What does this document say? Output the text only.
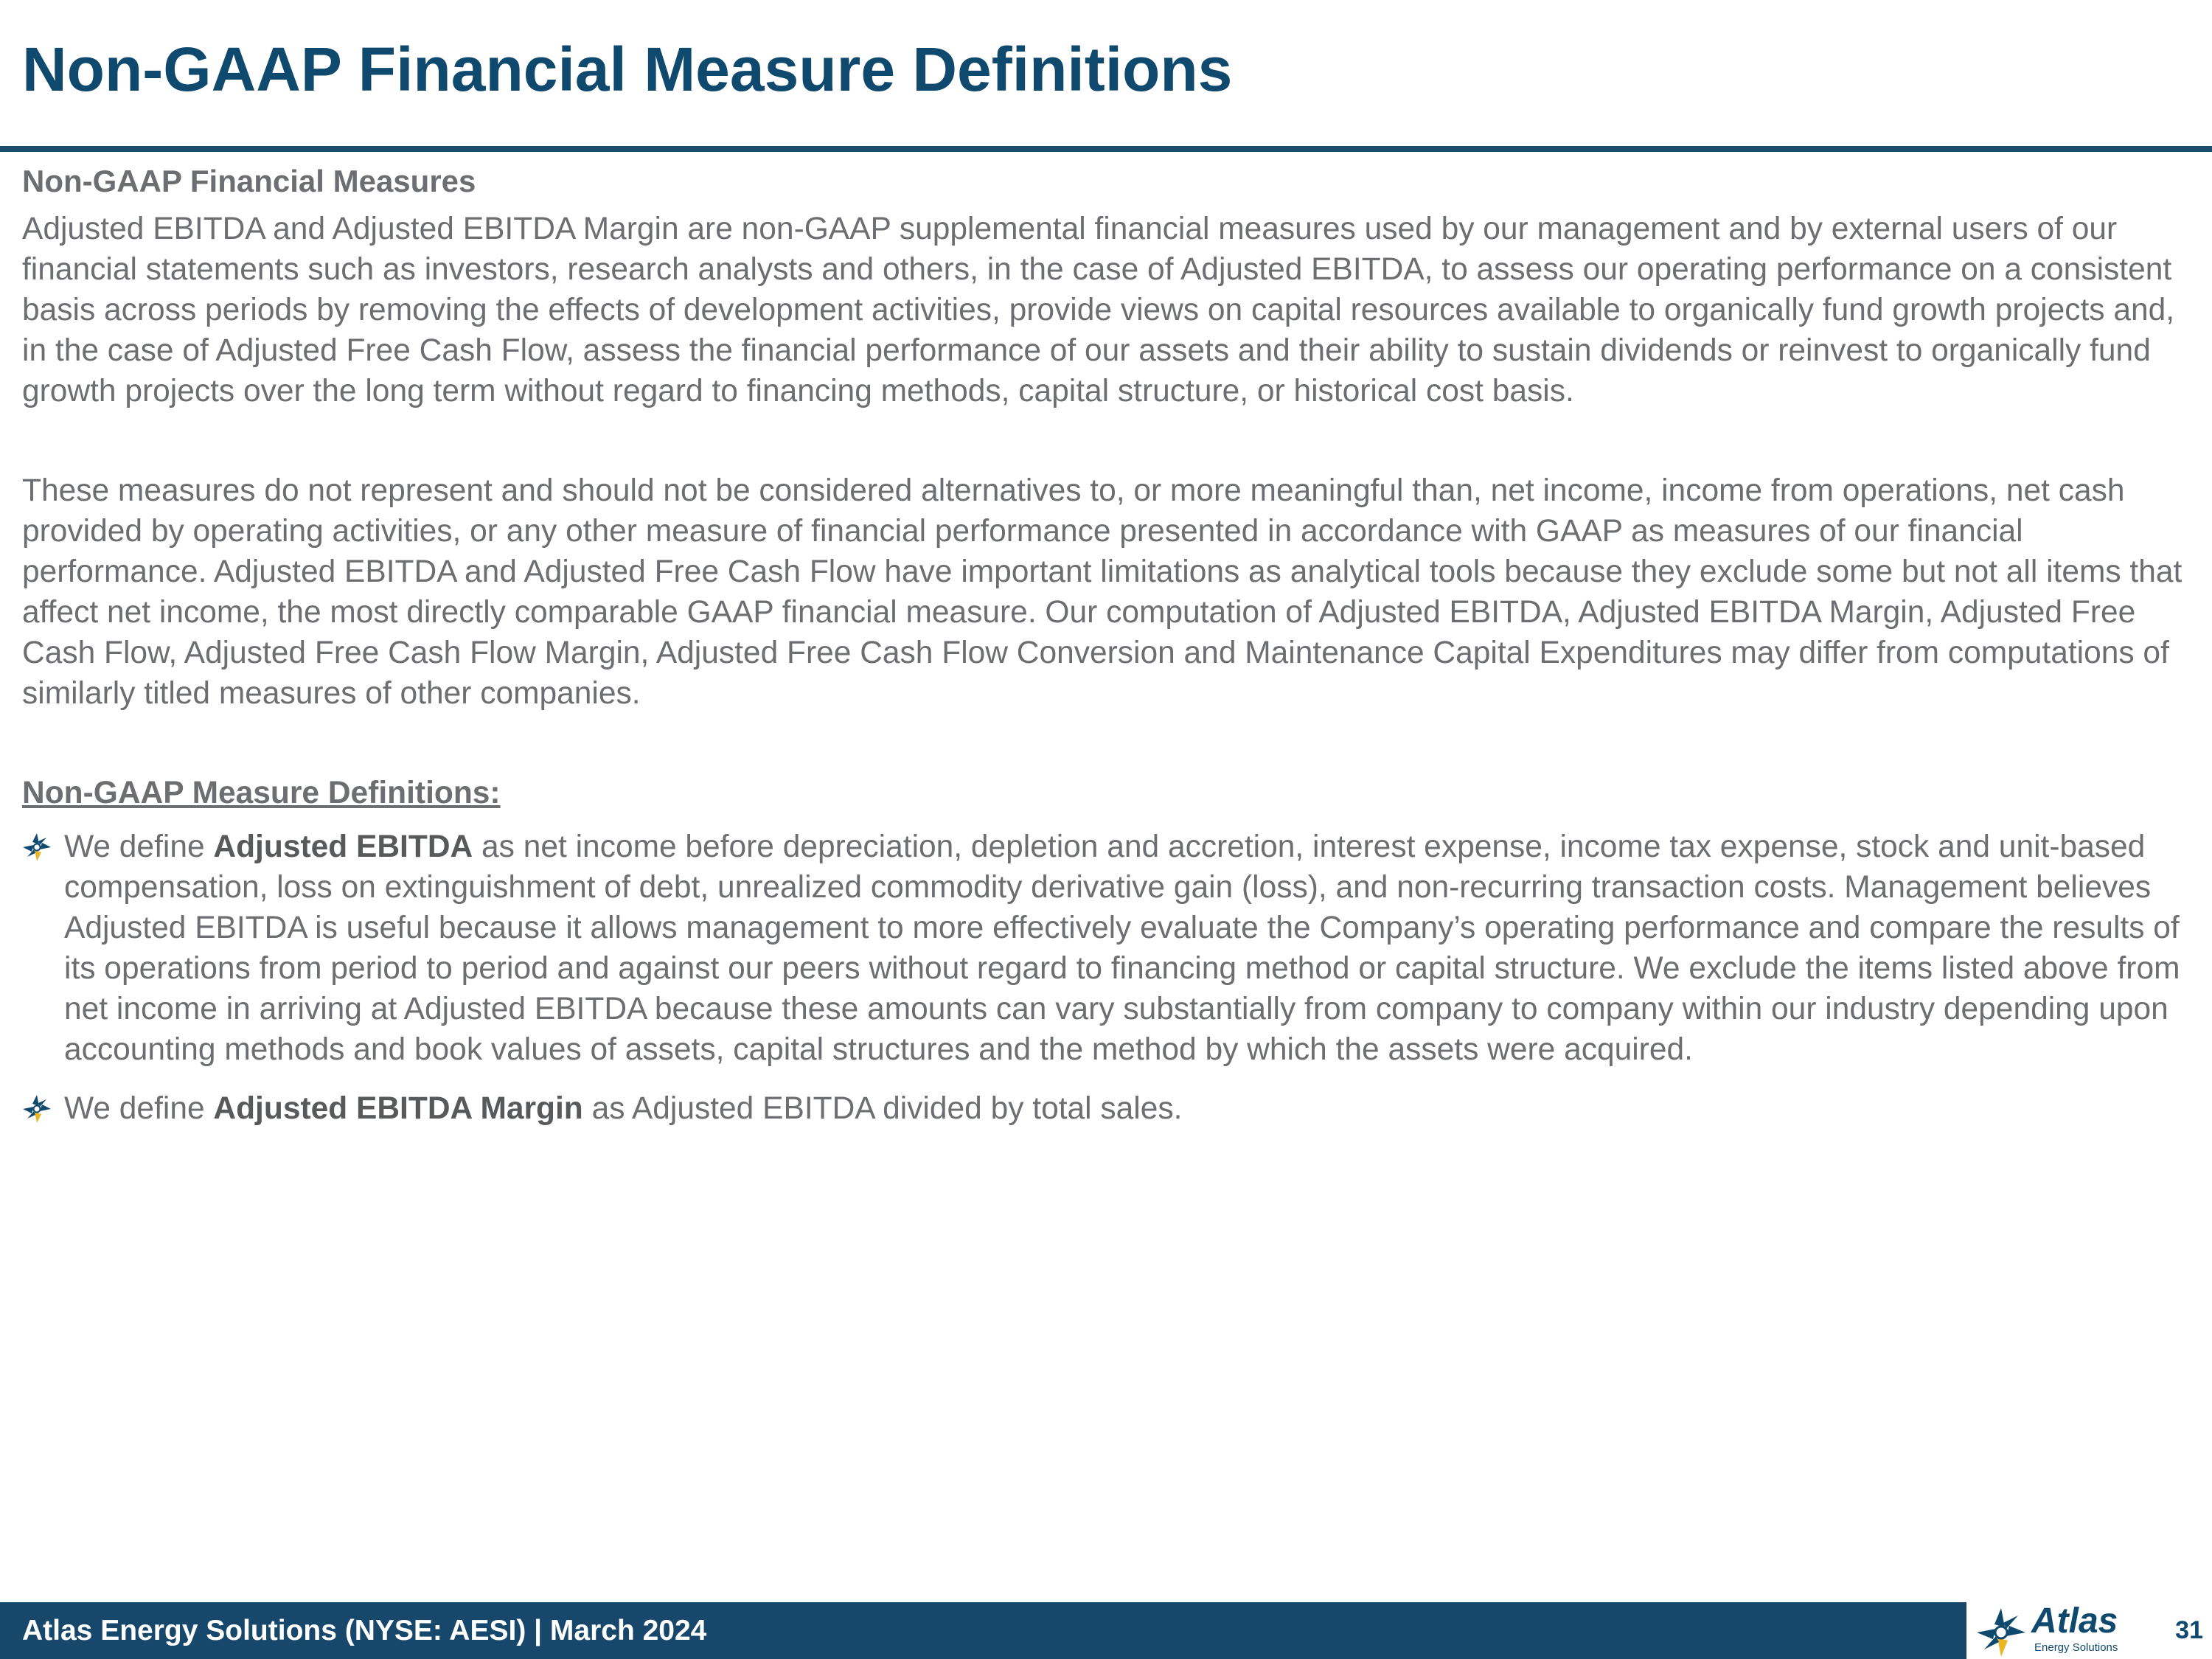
Non-GAAP Financial Measure Definitions

Non-GAAP Financial Measures

Adjusted EBITDA and Adjusted EBITDA Margin are non-GAAP supplemental financial measures used by our management and by external users of our financial statements such as investors, research analysts and others, in the case of Adjusted EBITDA, to assess our operating performance on a consistent basis across periods by removing the effects of development activities, provide views on capital resources available to organically fund growth projects and, in the case of Adjusted Free Cash Flow, assess the financial performance of our assets and their ability to sustain dividends or reinvest to organically fund growth projects over the long term without regard to financing methods, capital structure, or historical cost basis.

These measures do not represent and should not be considered alternatives to, or more meaningful than, net income, income from operations, net cash provided by operating activities, or any other measure of financial performance presented in accordance with GAAP as measures of our financial performance. Adjusted EBITDA and Adjusted Free Cash Flow have important limitations as analytical tools because they exclude some but not all items that affect net income, the most directly comparable GAAP financial measure. Our computation of Adjusted EBITDA, Adjusted EBITDA Margin, Adjusted Free Cash Flow, Adjusted Free Cash Flow Margin, Adjusted Free Cash Flow Conversion and Maintenance Capital Expenditures may differ from computations of similarly titled measures of other companies.

Non-GAAP Measure Definitions:

We define Adjusted EBITDA as net income before depreciation, depletion and accretion, interest expense, income tax expense, stock and unit-based compensation, loss on extinguishment of debt, unrealized commodity derivative gain (loss), and non-recurring transaction costs. Management believes Adjusted EBITDA is useful because it allows management to more effectively evaluate the Company’s operating performance and compare the results of its operations from period to period and against our peers without regard to financing method or capital structure. We exclude the items listed above from net income in arriving at Adjusted EBITDA because these amounts can vary substantially from company to company within our industry depending upon accounting methods and book values of assets, capital structures and the method by which the assets were acquired.
We define Adjusted EBITDA Margin as Adjusted EBITDA divided by total sales.
Atlas Energy Solutions (NYSE: AESI) | March 2024	Atlas
Energy Solutions
31
